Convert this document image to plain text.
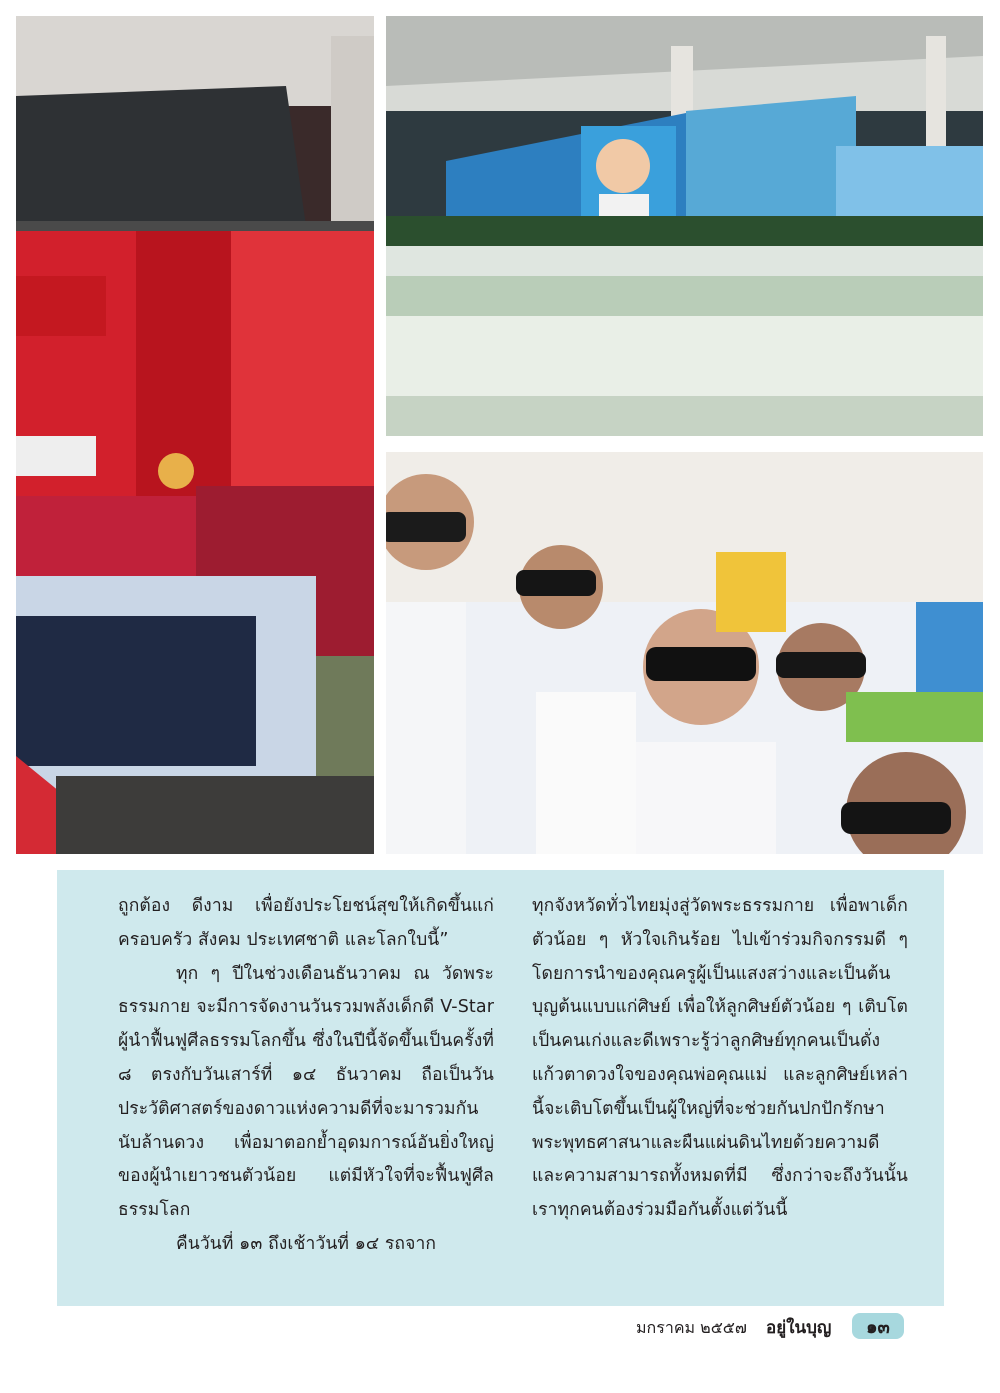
ถูกต้อง ดีงาม เพื่อยังประโยชน์สุขให้เกิดขึ้นแก่ครอบครัว สังคม ประเทศชาติ และโลกใบนี้”

ทุก ๆ ปีในช่วงเดือนธันวาคม ณ วัดพระธรรมกาย จะมีการจัดงานวันรวมพลังเด็กดี V-Star ผู้นำฟื้นฟูศีลธรรมโลกขึ้น ซึ่งในปีนี้จัดขึ้นเป็นครั้งที่ ๘ ตรงกับวันเสาร์ที่ ๑๔ ธันวาคม ถือเป็นวันประวัติศาสตร์ของดาวแห่งความดีที่จะมารวมกันนับล้านดวง เพื่อมาตอกย้ำอุดมการณ์อันยิ่งใหญ่ของผู้นำเยาวชนตัวน้อย แต่มีหัวใจที่จะฟื้นฟูศีลธรรมโลก

คืนวันที่ ๑๓ ถึงเช้าวันที่ ๑๔ รถจาก

ทุกจังหวัดทั่วไทยมุ่งสู่วัดพระธรรมกาย เพื่อพาเด็กตัวน้อย ๆ หัวใจเกินร้อย ไปเข้าร่วมกิจกรรมดี ๆ โดยการนำของคุณครูผู้เป็นแสงสว่างและเป็นต้นบุญต้นแบบแก่ศิษย์ เพื่อให้ลูกศิษย์ตัวน้อย ๆ เติบโตเป็นคนเก่งและดีเพราะรู้ว่าลูกศิษย์ทุกคนเป็นดั่งแก้วตาดวงใจของคุณพ่อคุณแม่ และลูกศิษย์เหล่านี้จะเติบโตขึ้นเป็นผู้ใหญ่ที่จะช่วยกันปกปักรักษาพระพุทธศาสนาและผืนแผ่นดินไทยด้วยความดีและความสามารถทั้งหมดที่มี ซึ่งกว่าจะถึงวันนั้น เราทุกคนต้องร่วมมือกันตั้งแต่วันนี้

มกราคม ๒๕๕๗ อยู่ในบุญ	๑๓
